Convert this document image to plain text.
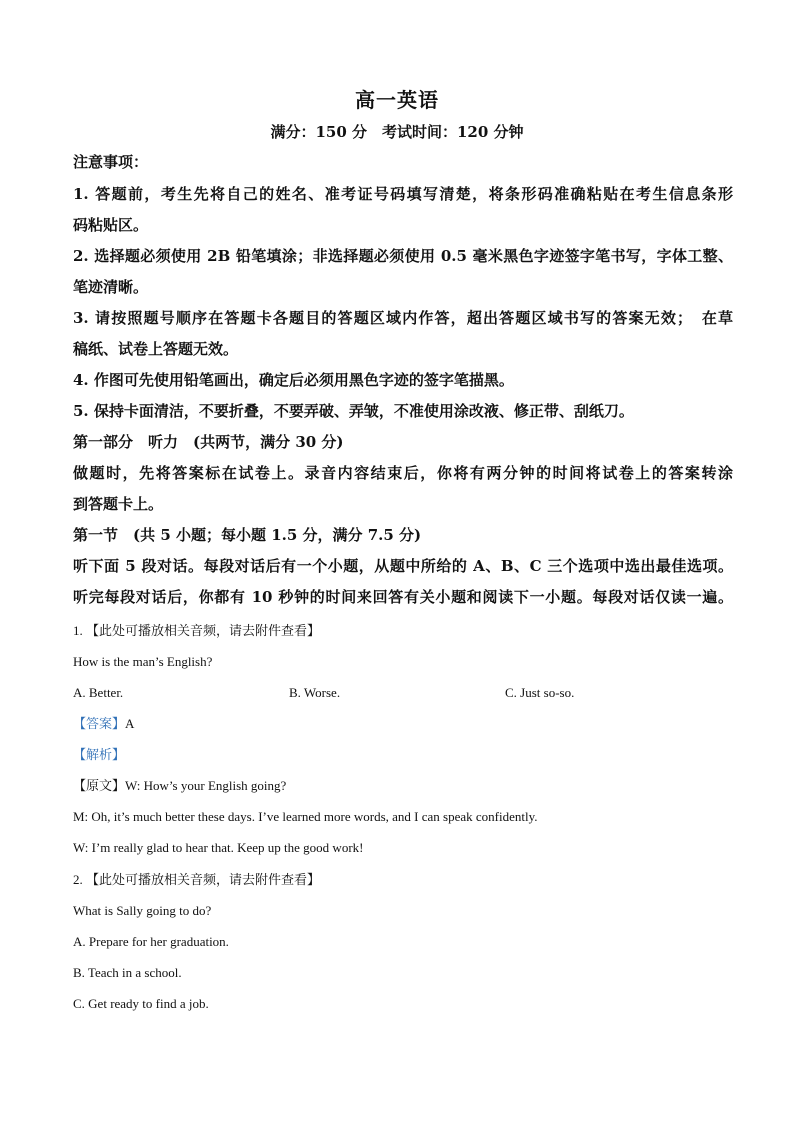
高一英语
满分：150 分　考试时间：120 分钟
注意事项：
1. 答题前，考生先将自己的姓名、准考证号码填写清楚，将条形码准确粘贴在考生信息条形
码粘贴区。
2. 选择题必须使用 2B 铅笔填涂；非选择题必须使用 0.5 毫米黑色字迹签字笔书写，字体工整、
笔迹清晰。
3. 请按照题号顺序在答题卡各题目的答题区域内作答，超出答题区域书写的答案无效；　在草
稿纸、试卷上答题无效。
4. 作图可先使用铅笔画出，确定后必须用黑色字迹的签字笔描黑。
5. 保持卡面清洁，不要折叠，不要弄破、弄皱，不准使用涂改液、修正带、刮纸刀。
第一部分　听力　(共两节，满分 30 分)
做题时，先将答案标在试卷上。录音内容结束后，你将有两分钟的时间将试卷上的答案转涂
到答题卡上。
第一节　(共 5 小题；每小题 1.5 分，满分 7.5 分)
听下面 5 段对话。每段对话后有一个小题，从题中所给的 A、B、C 三个选项中选出最佳选项。
听完每段对话后，你都有 10 秒钟的时间来回答有关小题和阅读下一小题。每段对话仅读一遍。
1. 【此处可播放相关音频，请去附件查看】
How is the man’s English?
A. Better.	B. Worse.	C. Just so-so.
【答案】A
【解析】
【原文】W: How’s your English going?
M: Oh, it’s much better these days. I’ve learned more words, and I can speak confidently.
W: I’m really glad to hear that. Keep up the good work!
2. 【此处可播放相关音频，请去附件查看】
What is Sally going to do?
A. Prepare for her graduation.
B. Teach in a school.
C. Get ready to find a job.
